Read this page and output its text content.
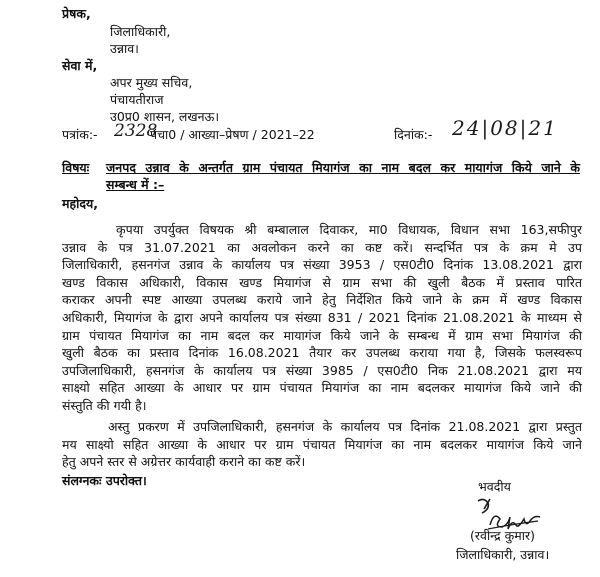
प्रेषक,
जिलाधिकारी,
उन्नाव।
सेवा में,
अपर मुख्य सचिव,
पंचायतीराज
उ0प्र0 शासन, लखनऊ।
पत्रांक:- 2328
पंचा0 / आख्या–प्रेषण / 2021–22	दिनांक:- 24|08|21
विषयः जनपद उन्नाव के अन्तर्गत ग्राम पंचायत मियागंज का नाम बदल कर मायागंज किये जाने के
सम्बन्ध में :–
महोदय,
कृपया उपर्युक्त विषयक श्री बम्बालाल दिवाकर, मा0 विधायक, विधान सभा 163,सफीपुर
उन्नाव के पत्र 31.07.2021 का अवलोकन करने का कष्ट करें। सन्दर्भित पत्र के क्रम मे उप
जिलाधिकारी, हसनगंज उन्नाव के कार्यालय पत्र संख्या 3953 / एस0टी0 दिनांक 13.08.2021 द्वारा
खण्ड विकास अधिकारी, विकास खण्ड मियागंज से ग्राम सभा की खुली बैठक में प्रस्ताव पारित
कराकर अपनी स्पष्ट आख्या उपलब्ध कराये जाने हेतु निर्देशित किये जाने के क्रम में खण्ड विकास
अधिकारी, मियागंज के द्वारा अपने कार्यालय पत्र संख्या 831 / 2021 दिनांक 21.08.2021 के माध्यम से
ग्राम पंचायत मियागंज का नाम बदल कर मायागंज किये जाने के सम्बन्ध में ग्राम सभा मियागंज की
खुली बैठक का प्रस्ताव दिनांक 16.08.2021 तैयार कर उपलब्ध कराया गया है, जिसके फलस्वरूप
उपजिलाधिकारी, हसनगंज के कार्यालय पत्र संख्या 3985 / एस0टी0 निक 21.08.2021 द्वारा मय
साक्ष्यो सहित आख्या के आधार पर ग्राम पंचायत मियागंज का नाम बदलकर मायागंज किये जाने की
संस्तुति की गयी है।
अस्तु प्रकरण में उपजिलाधिकारी, हसनगंज के कार्यालय पत्र दिनांक 21.08.2021 द्वारा प्रस्तुत
मय साक्ष्यो सहित आख्या के आधार पर ग्राम पंचायत मियागंज का नाम बदलकर मायागंज किये जाने
हेतु अपने स्तर से अग्रेत्तर कार्यवाही कराने का कष्ट करें।
संलग्नकः उपरोक्त।	भवदीय
(रवीन्द्र कुमार)
जिलाधिकारी, उन्नाव।
